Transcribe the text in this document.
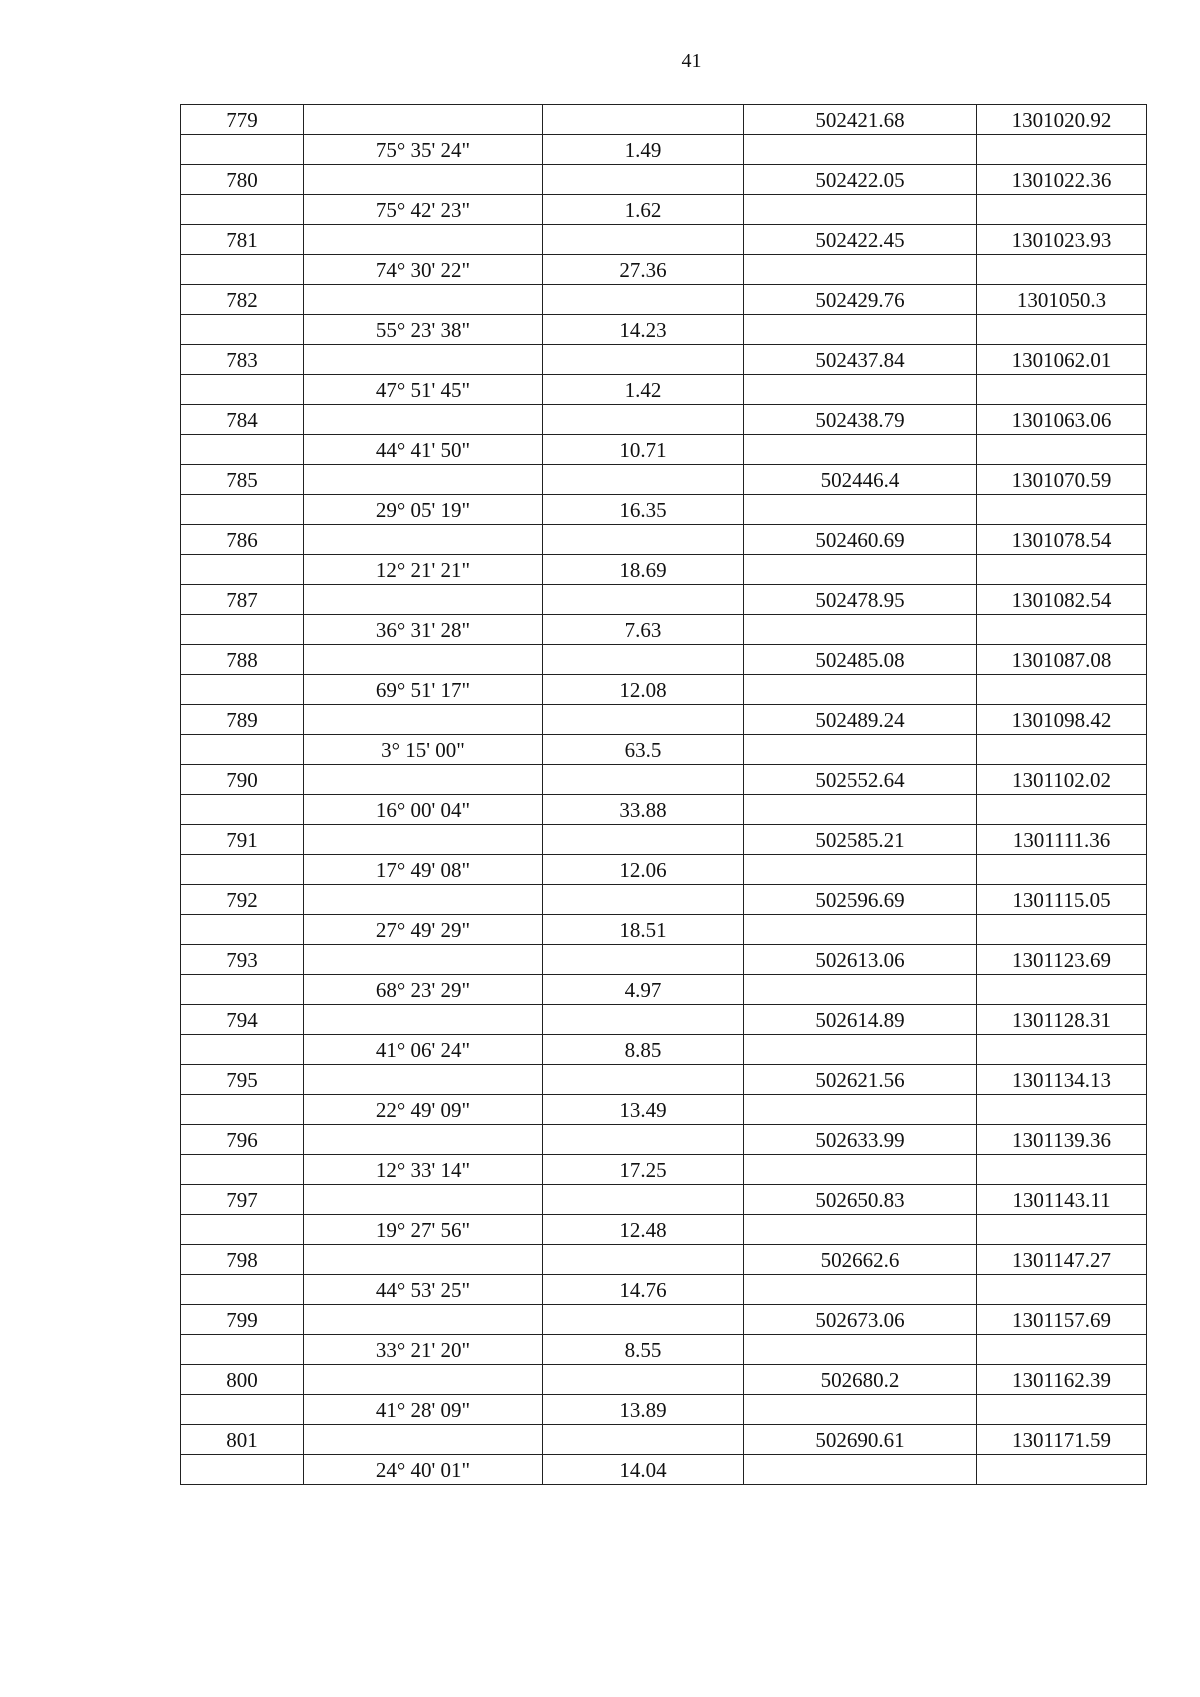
41
779			502421.68	1301020.92
	75° 35' 24"	1.49		
780			502422.05	1301022.36
	75° 42' 23"	1.62		
781			502422.45	1301023.93
	74° 30' 22"	27.36		
782			502429.76	1301050.3
	55° 23' 38"	14.23		
783			502437.84	1301062.01
	47° 51' 45"	1.42		
784			502438.79	1301063.06
	44° 41' 50"	10.71		
785			502446.4	1301070.59
	29° 05' 19"	16.35		
786			502460.69	1301078.54
	12° 21' 21"	18.69		
787			502478.95	1301082.54
	36° 31' 28"	7.63		
788			502485.08	1301087.08
	69° 51' 17"	12.08		
789			502489.24	1301098.42
	3° 15' 00"	63.5		
790			502552.64	1301102.02
	16° 00' 04"	33.88		
791			502585.21	1301111.36
	17° 49' 08"	12.06		
792			502596.69	1301115.05
	27° 49' 29"	18.51		
793			502613.06	1301123.69
	68° 23' 29"	4.97		
794			502614.89	1301128.31
	41° 06' 24"	8.85		
795			502621.56	1301134.13
	22° 49' 09"	13.49		
796			502633.99	1301139.36
	12° 33' 14"	17.25		
797			502650.83	1301143.11
	19° 27' 56"	12.48		
798			502662.6	1301147.27
	44° 53' 25"	14.76		
799			502673.06	1301157.69
	33° 21' 20"	8.55		
800			502680.2	1301162.39
	41° 28' 09"	13.89		
801			502690.61	1301171.59
	24° 40' 01"	14.04		
